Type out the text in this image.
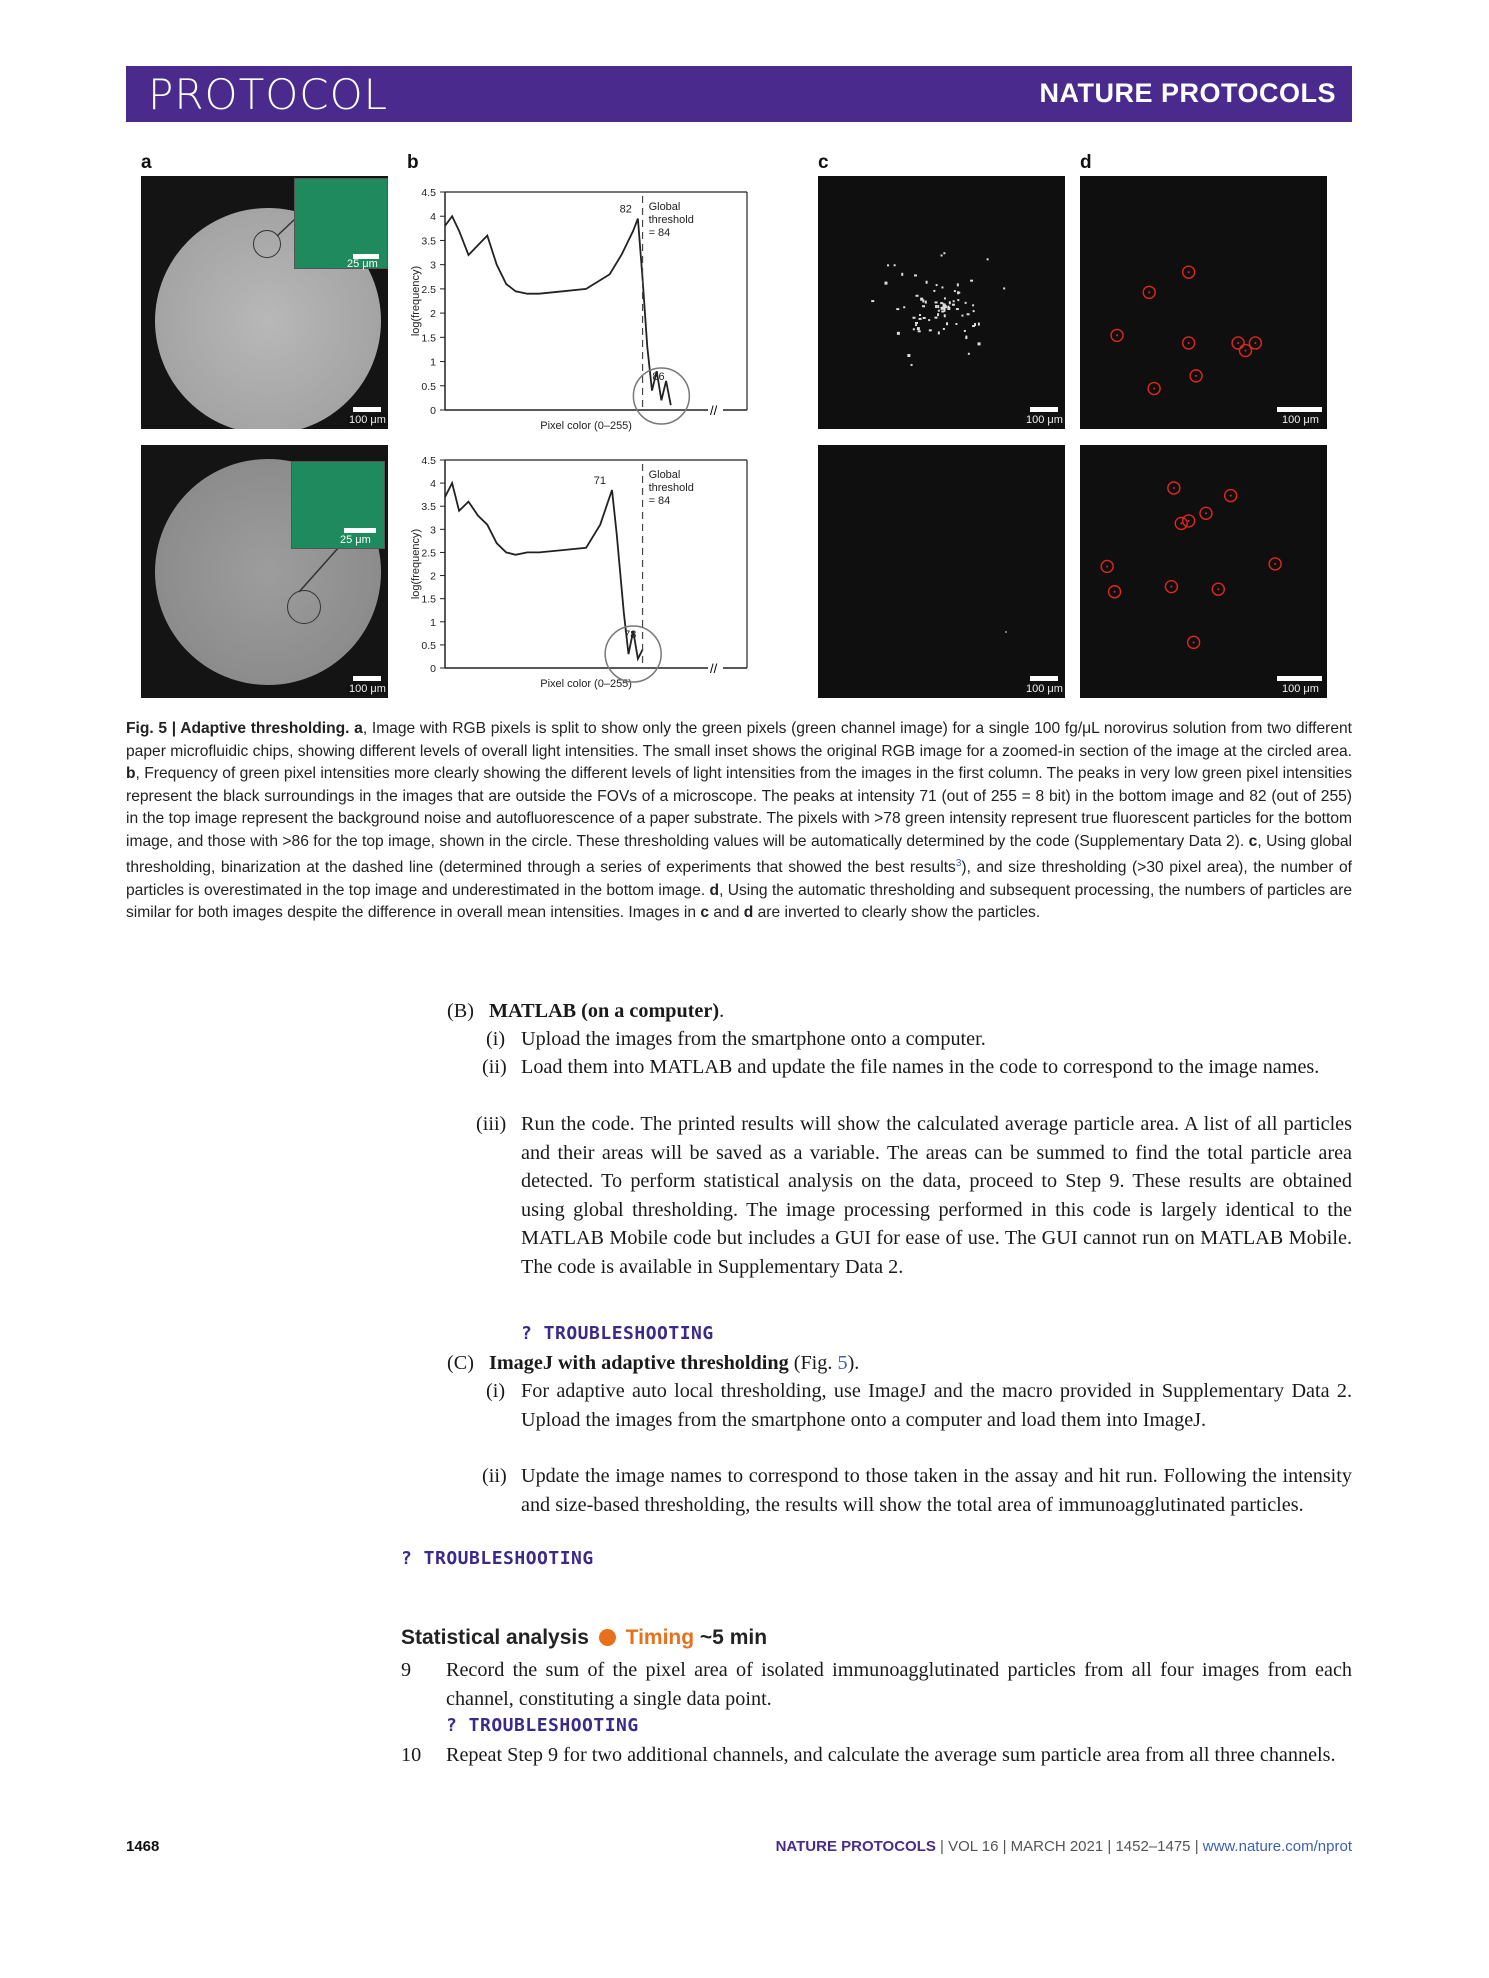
PROTOCOL	NATURE PROTOCOLS
a	b	c	d
25 μm
100 μm
25 μm
100 μm
//
4.5
4
3.5
3
2.5
2
1.5
1
0.5
0
log(frequency)
Pixel color (0–255)
Global
threshold
= 84
82
86
//
4.5
4
3.5
3
2.5
2
1.5
1
0.5
0
log(frequency)
Pixel color (0–255)
Global
threshold
= 84
71
78
100 μm
100 μm
100 μm
100 μm
Fig. 5 | Adaptive thresholding. a, Image with RGB pixels is split to show only the green pixels (green channel image) for a single 100 fg/μL norovirus solution from two different paper microfluidic chips, showing different levels of overall light intensities. The small inset shows the original RGB image for a zoomed-in section of the image at the circled area. b, Frequency of green pixel intensities more clearly showing the different levels of light intensities from the images in the first column. The peaks in very low green pixel intensities represent the black surroundings in the images that are outside the FOVs of a microscope. The peaks at intensity 71 (out of 255 = 8 bit) in the bottom image and 82 (out of 255) in the top image represent the background noise and autofluorescence of a paper substrate. The pixels with >78 green intensity represent true fluorescent particles for the bottom image, and those with >86 for the top image, shown in the circle. These thresholding values will be automatically determined by the code (Supplementary Data 2). c, Using global thresholding, binarization at the dashed line (determined through a series of experiments that showed the best results$^3$), and size thresholding (>30 pixel area), the number of particles is overestimated in the top image and underestimated in the bottom image. d, Using the automatic thresholding and subsequent processing, the numbers of particles are similar for both images despite the difference in overall mean intensities. Images in c and d are inverted to clearly show the particles.
(B) MATLAB (on a computer).
(i) Upload the images from the smartphone onto a computer.
(ii) Load them into MATLAB and update the file names in the code to correspond to the image names.
(iii) Run the code. The printed results will show the calculated average particle area. A list of all particles and their areas will be saved as a variable. The areas can be summed to find the total particle area detected. To perform statistical analysis on the data, proceed to Step 9. These results are obtained using global thresholding. The image processing performed in this code is largely identical to the MATLAB Mobile code but includes a GUI for ease of use. The GUI cannot run on MATLAB Mobile. The code is available in Supplementary Data 2.
? TROUBLESHOOTING
(C) ImageJ with adaptive thresholding (Fig. 5).
(i) For adaptive auto local thresholding, use ImageJ and the macro provided in Supplementary Data 2. Upload the images from the smartphone onto a computer and load them into ImageJ.
(ii) Update the image names to correspond to those taken in the assay and hit run. Following the intensity and size-based thresholding, the results will show the total area of immunoagglutinated particles.
? TROUBLESHOOTING
Statistical analysis Timing ~5 min
9 Record the sum of the pixel area of isolated immunoagglutinated particles from all four images from each channel, constituting a single data point.
? TROUBLESHOOTING
10 Repeat Step 9 for two additional channels, and calculate the average sum particle area from all three channels.
1468	NATURE PROTOCOLS | VOL 16 | MARCH 2021 | 1452–1475 | www.nature.com/nprot
